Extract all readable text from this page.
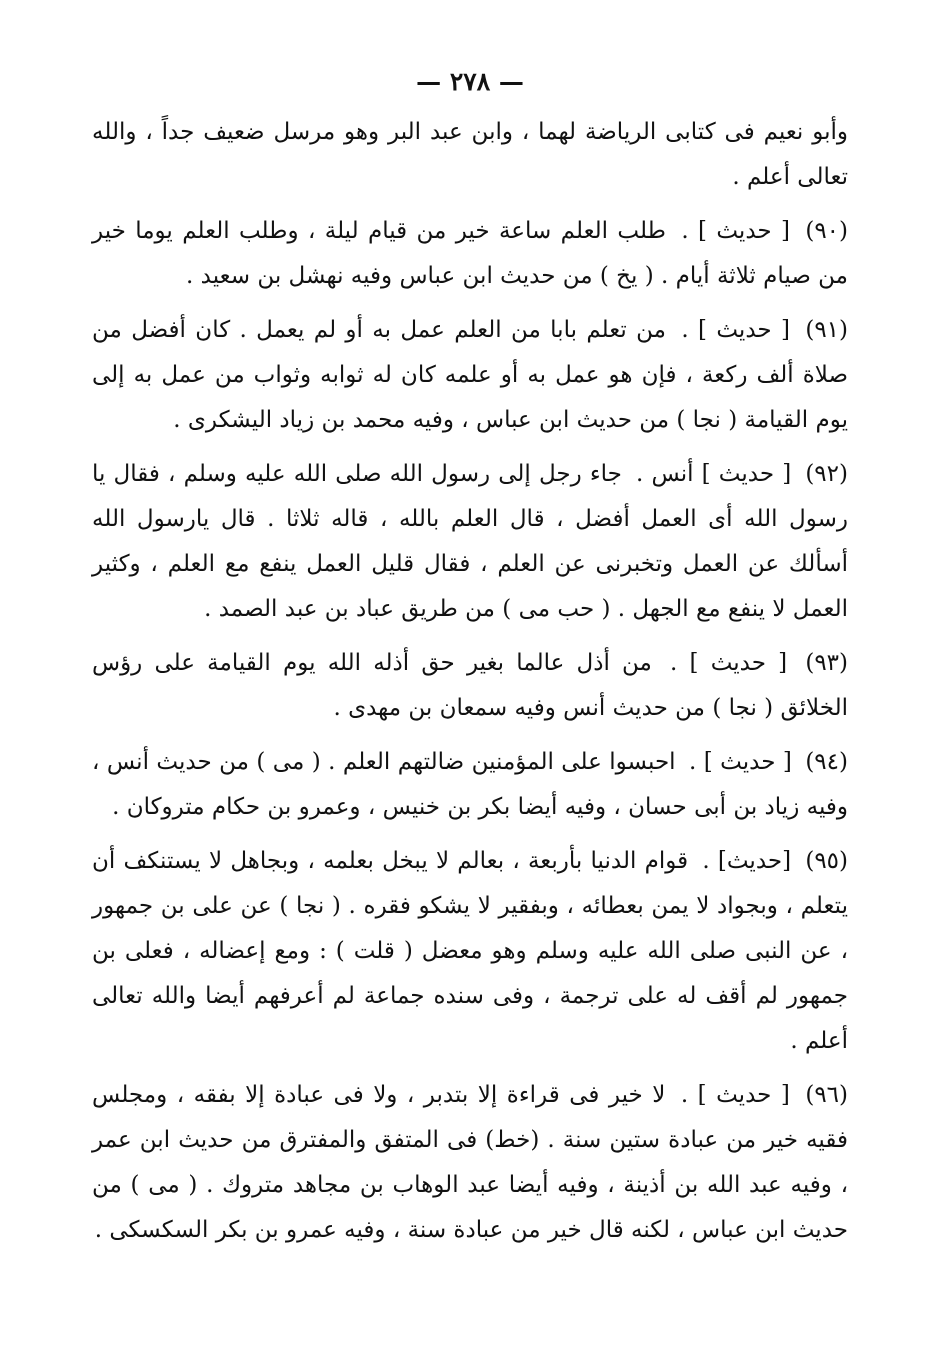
— ٢٧٨ —

وأبو نعيم فى كتابى الرياضة لهما ، وابن عبد البر وهو مرسل ضعيف جداً ، والله تعالى أعلم .

(٩٠) [ حديث ] . طلب العلم ساعة خير من قيام ليلة ، وطلب العلم يوما خير من صيام ثلاثة أيام . ( يخ ) من حديث ابن عباس وفيه نهشل بن سعيد .

(٩١) [ حديث ] . من تعلم بابا من العلم عمل به أو لم يعمل . كان أفضل من صلاة ألف ركعة ، فإن هو عمل به أو علمه كان له ثوابه وثواب من عمل به إلى يوم القيامة ( نجا ) من حديث ابن عباس ، وفيه محمد بن زياد اليشكرى .

(٩٢) [ حديث ] أنس . جاء رجل إلى رسول الله صلى الله عليه وسلم ، فقال يا رسول الله أى العمل أفضل ، قال العلم بالله ، قاله ثلاثا . قال يارسول الله أسألك عن العمل وتخبرنى عن العلم ، فقال قليل العمل ينفع مع العلم ، وكثير العمل لا ينفع مع الجهل . ( حب مى ) من طريق عباد بن عبد الصمد .

(٩٣) [ حديث ] . من أذل عالما بغير حق أذله الله يوم القيامة على رؤس الخلائق ( نجا ) من حديث أنس وفيه سمعان بن مهدى .

(٩٤) [ حديث ] . احبسوا على المؤمنين ضالتهم العلم . ( مى ) من حديث أنس ، وفيه زياد بن أبى حسان ، وفيه أيضا بكر بن خنيس ، وعمرو بن حكام متروكان .

(٩٥) [حديث] . قوام الدنيا بأربعة ، بعالم لا يبخل بعلمه ، وبجاهل لا يستنكف أن يتعلم ، وبجواد لا يمن بعطائه ، وبفقير لا يشكو فقره . ( نجا ) عن على بن جمهور ، عن النبى صلى الله عليه وسلم وهو معضل ( قلت ) : ومع إعضاله ، فعلى بن جمهور لم أقف له على ترجمة ، وفى سنده جماعة لم أعرفهم أيضا والله تعالى أعلم .

(٩٦) [ حديث ] . لا خير فى قراءة إلا بتدبر ، ولا فى عبادة إلا بفقه ، ومجلس فقيه خير من عبادة ستين سنة . (خط) فى المتفق والمفترق من حديث ابن عمر ، وفيه عبد الله بن أذينة ، وفيه أيضا عبد الوهاب بن مجاهد متروك . ( مى ) من حديث ابن عباس ، لكنه قال خير من عبادة سنة ، وفيه عمرو بن بكر السكسكى .
